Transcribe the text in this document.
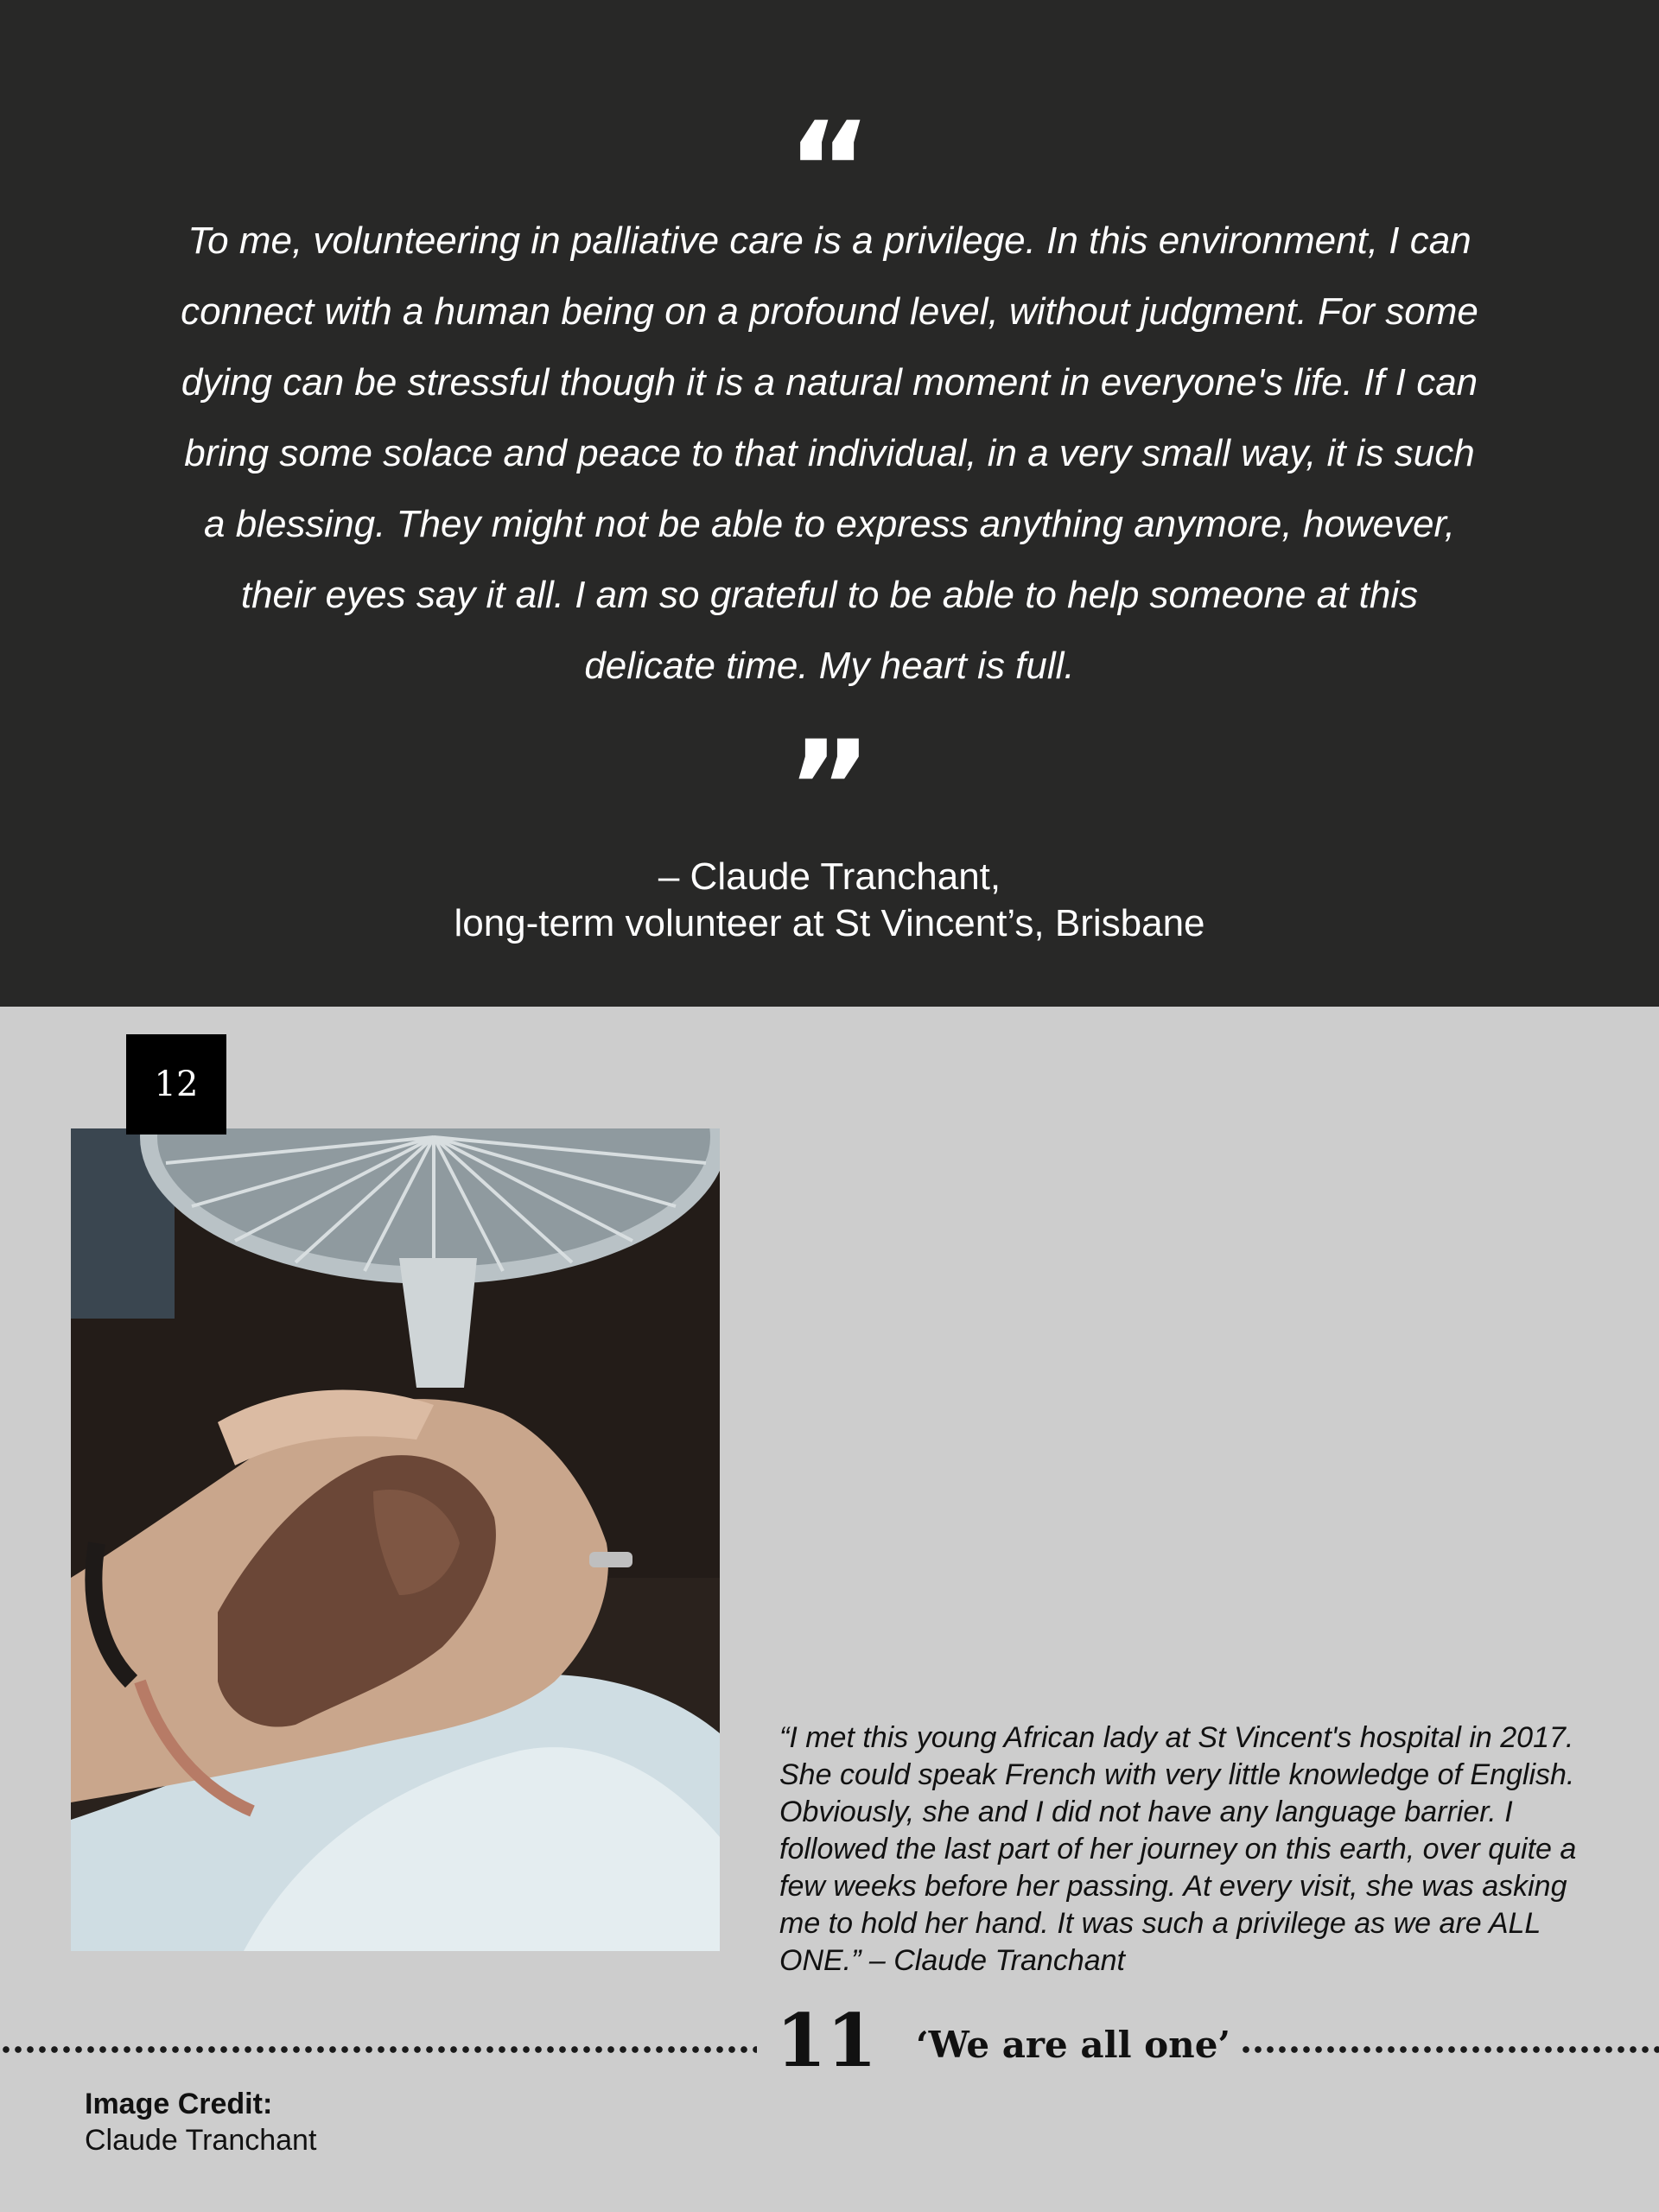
“

To me, volunteering in palliative care is a privilege. In this environment, I can connect with a human being on a profound level, without judgment. For some dying can be stressful though it is a natural moment in everyone's life. If I can bring some solace and peace to that individual, in a very small way, it is such a blessing. They might not be able to express anything anymore, however, their eyes say it all. I am so grateful to be able to help someone at this delicate time. My heart is full.

”
– Claude Tranchant,
long-term volunteer at St Vincent’s, Brisbane
12

“I met this young African lady at St Vincent's hospital in 2017. She could speak French with very little knowledge of English. Obviously, she and I did not have any language barrier. I followed the last part of her journey on this earth, over quite a few weeks before her passing. At every visit, she was asking me to hold her hand. It was such a privilege as we are ALL ONE.” – Claude Tranchant

11 ‘We are all one’
Image Credit:
Claude Tranchant
